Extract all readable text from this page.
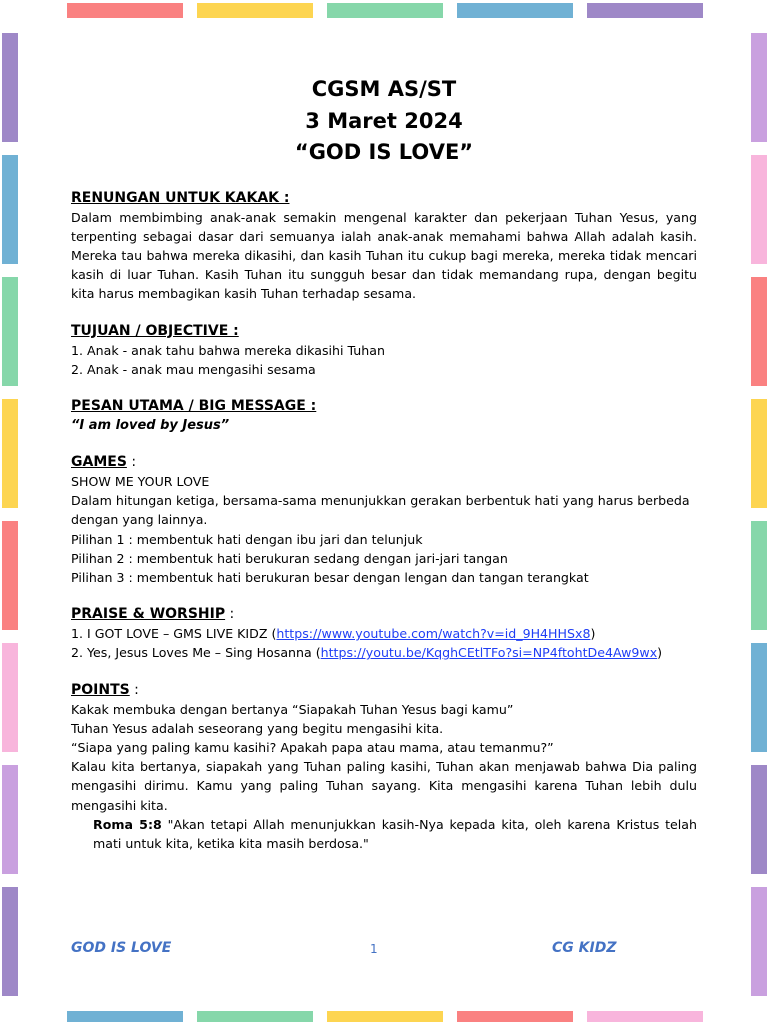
CGSM AS/ST
3 Maret 2024
“GOD IS LOVE”
RENUNGAN UNTUK KAKAK :
Dalam membimbing anak-anak semakin mengenal karakter dan pekerjaan Tuhan Yesus, yang terpenting sebagai dasar dari semuanya ialah anak-anak memahami bahwa Allah adalah kasih. Mereka tau bahwa mereka dikasihi, dan kasih Tuhan itu cukup bagi mereka, mereka tidak mencari kasih di luar Tuhan. Kasih Tuhan itu sungguh besar dan tidak memandang rupa, dengan begitu kita harus membagikan kasih Tuhan terhadap sesama.
TUJUAN / OBJECTIVE :
1. Anak - anak tahu bahwa mereka dikasihi Tuhan
2. Anak - anak mau mengasihi sesama
PESAN UTAMA / BIG MESSAGE :
“I am loved by Jesus”
GAMES :
SHOW ME YOUR LOVE
Dalam hitungan ketiga, bersama-sama menunjukkan gerakan berbentuk hati yang harus berbeda dengan yang lainnya.
Pilihan 1 : membentuk hati dengan ibu jari dan telunjuk
Pilihan 2 : membentuk hati berukuran sedang dengan jari-jari tangan
Pilihan 3 : membentuk hati berukuran besar dengan lengan dan tangan terangkat
PRAISE & WORSHIP :
1. I GOT LOVE – GMS LIVE KIDZ (https://www.youtube.com/watch?v=id_9H4HHSx8)
2. Yes, Jesus Loves Me – Sing Hosanna (https://youtu.be/KqghCEtlTFo?si=NP4ftohtDe4Aw9wx)
POINTS :
Kakak membuka dengan bertanya “Siapakah Tuhan Yesus bagi kamu”
Tuhan Yesus adalah seseorang yang begitu mengasihi kita.
“Siapa yang paling kamu kasihi? Apakah papa atau mama, atau temanmu?”
Kalau kita bertanya, siapakah yang Tuhan paling kasihi, Tuhan akan menjawab bahwa Dia paling mengasihi dirimu. Kamu yang paling Tuhan sayang. Kita mengasihi karena Tuhan lebih dulu mengasihi kita.
Roma 5:8 "Akan tetapi Allah menunjukkan kasih-Nya kepada kita, oleh karena Kristus telah mati untuk kita, ketika kita masih berdosa."
GOD IS LOVE	1	CG KIDZ
